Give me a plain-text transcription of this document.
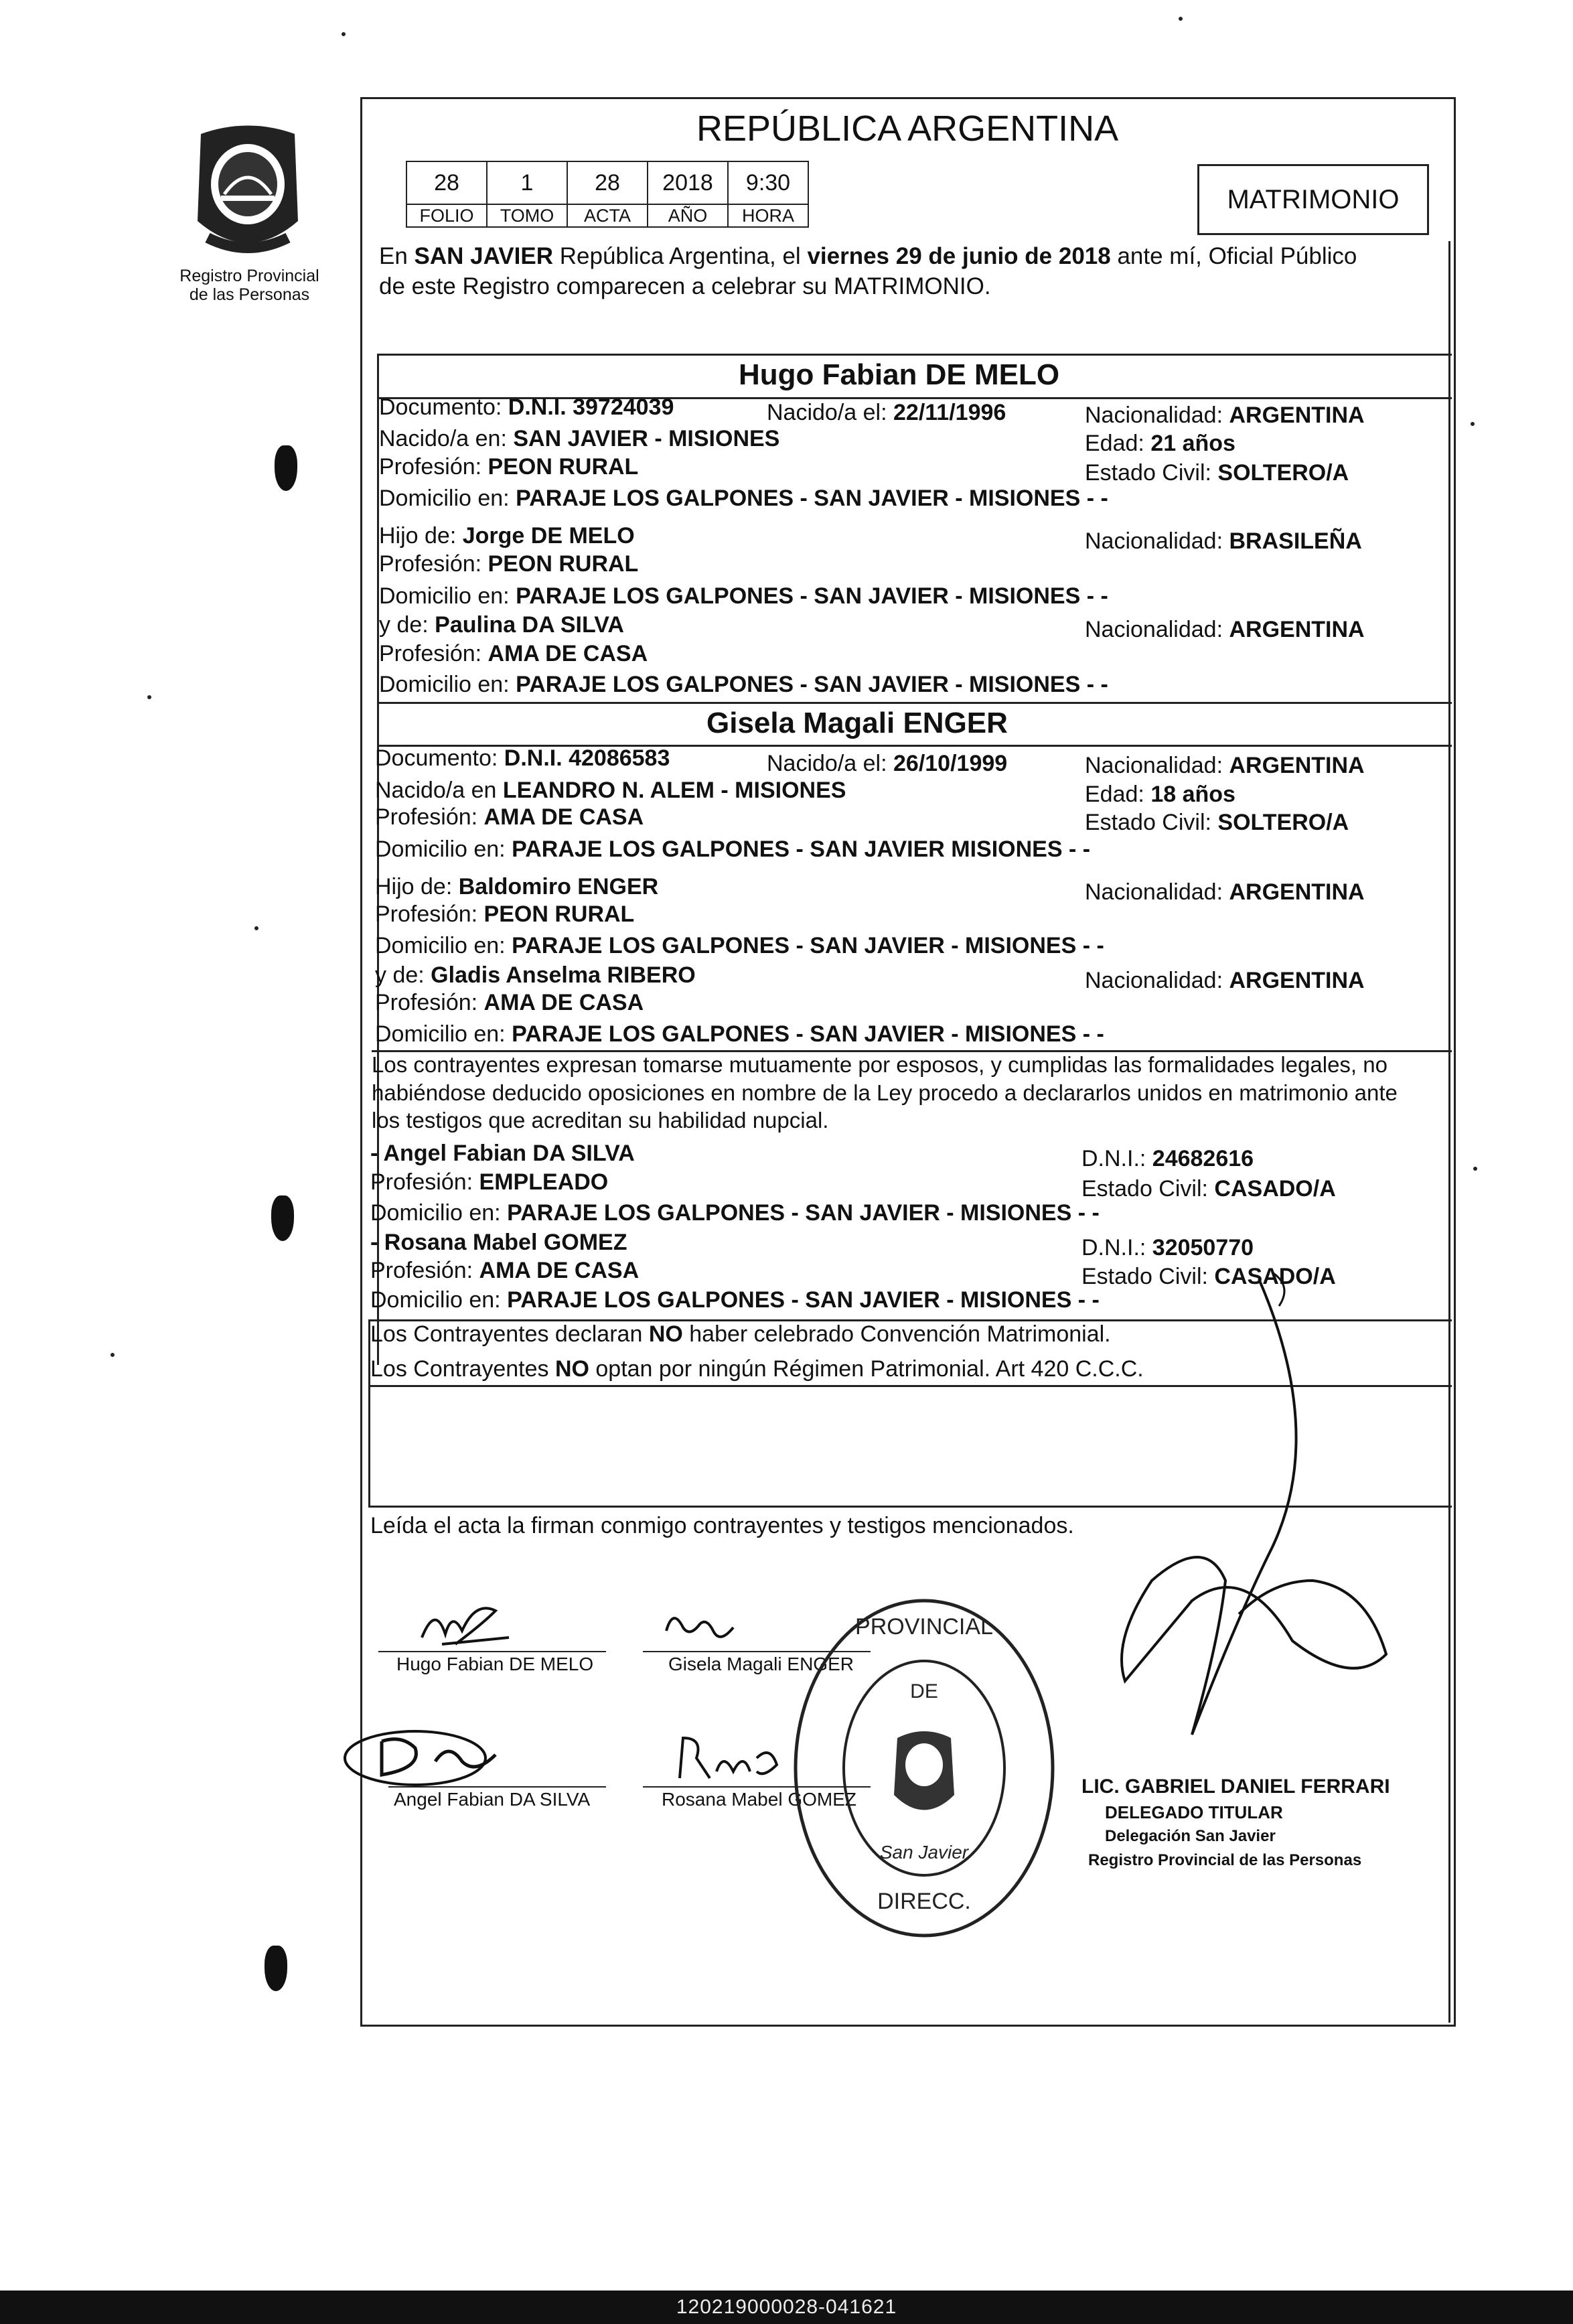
Registro Provincial
de las Personas
REPÚBLICA ARGENTINA
28	1	28	2018	9:30
FOLIO	TOMO	ACTA	AÑO	HORA
MATRIMONIO
En SAN JAVIER República Argentina, el viernes 29 de junio de 2018 ante mí, Oficial Público
de este Registro comparecen a celebrar su MATRIMONIO.
Hugo Fabian DE MELO
Documento: D.N.I. 39724039	Nacido/a el: 22/11/1996	Nacionalidad: ARGENTINA
Nacido/a en: SAN JAVIER - MISIONES	Edad: 21 años
Profesión: PEON RURAL	Estado Civil: SOLTERO/A
Domicilio en: PARAJE LOS GALPONES - SAN JAVIER - MISIONES - -
Hijo de: Jorge DE MELO	Nacionalidad: BRASILEÑA
Profesión: PEON RURAL
Domicilio en: PARAJE LOS GALPONES - SAN JAVIER - MISIONES - -
y de: Paulina DA SILVA	Nacionalidad: ARGENTINA
Profesión: AMA DE CASA
Domicilio en: PARAJE LOS GALPONES - SAN JAVIER - MISIONES - -
Gisela Magali ENGER
Documento: D.N.I. 42086583	Nacido/a el: 26/10/1999	Nacionalidad: ARGENTINA
Nacido/a en LEANDRO N. ALEM - MISIONES	Edad: 18 años
Profesión: AMA DE CASA	Estado Civil: SOLTERO/A
Domicilio en: PARAJE LOS GALPONES - SAN JAVIER MISIONES - -
Hijo de: Baldomiro ENGER	Nacionalidad: ARGENTINA
Profesión: PEON RURAL
Domicilio en: PARAJE LOS GALPONES - SAN JAVIER - MISIONES - -
y de: Gladis Anselma RIBERO	Nacionalidad: ARGENTINA
Profesión: AMA DE CASA
Domicilio en: PARAJE LOS GALPONES - SAN JAVIER - MISIONES - -
Los contrayentes expresan tomarse mutuamente por esposos, y cumplidas las formalidades legales, no
habiéndose deducido oposiciones en nombre de la Ley procedo a declararlos unidos en matrimonio ante
los testigos que acreditan su habilidad nupcial.
- Angel Fabian DA SILVA	D.N.I.: 24682616
Profesión: EMPLEADO	Estado Civil: CASADO/A
Domicilio en: PARAJE LOS GALPONES - SAN JAVIER - MISIONES - -
- Rosana Mabel GOMEZ	D.N.I.: 32050770
Profesión: AMA DE CASA	Estado Civil: CASADO/A
Domicilio en: PARAJE LOS GALPONES - SAN JAVIER - MISIONES - -
Los Contrayentes declaran NO haber celebrado Convención Matrimonial.
Los Contrayentes NO optan por ningún Régimen Patrimonial. Art 420 C.C.C.
Leída el acta la firman conmigo contrayentes y testigos mencionados.
Hugo Fabian DE MELO	Gisela Magali ENGER
Angel Fabian DA SILVA	Rosana Mabel GOMEZ
PROVINCIAL
DIRECC.
DE
San Javier
LIC. GABRIEL DANIEL FERRARI
DELEGADO TITULAR
Delegación San Javier
Registro Provincial de las Personas
120219000028-041621
